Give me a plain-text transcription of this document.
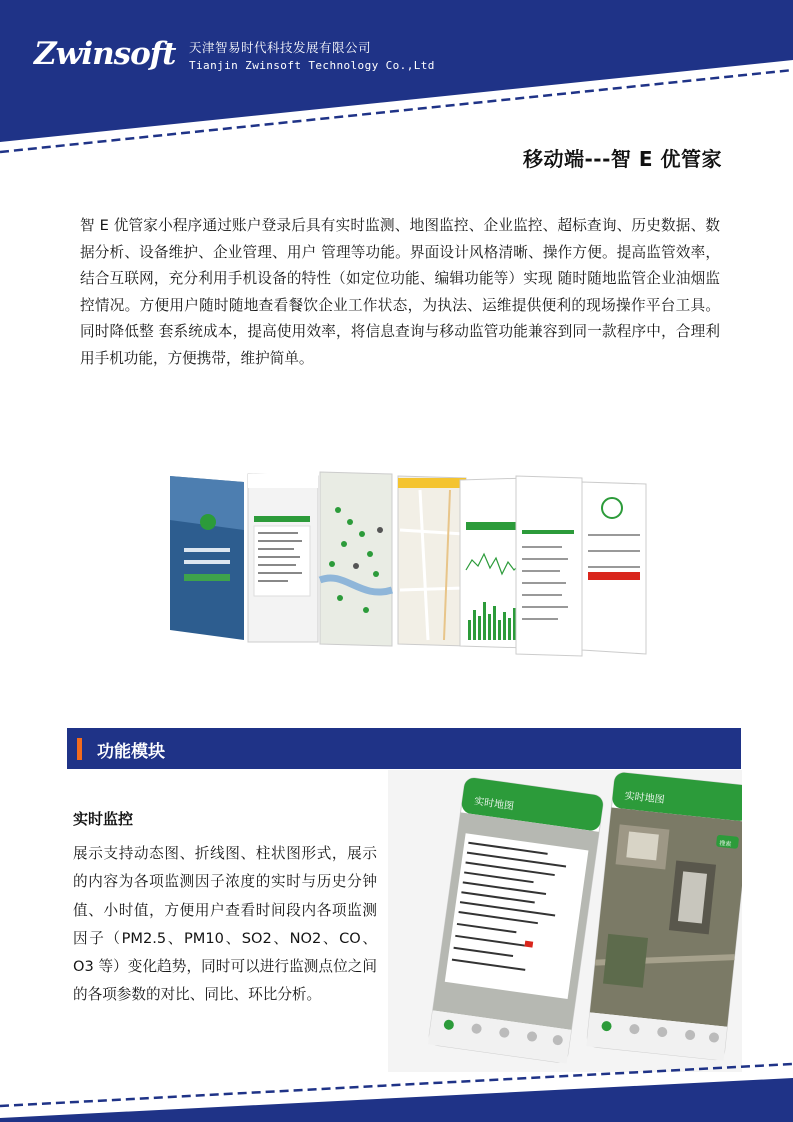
Zwinsoft 天津智易时代科技发展有限公司
Tianjin Zwinsoft Technology Co.,Ltd
移动端---智 E 优管家

智 E 优管家小程序通过账户登录后具有实时监测、地图监控、企业监控、超标查询、历史数据、数据分析、设备维护、企业管理、用户 管理等功能。界面设计风格清晰、操作方便。提高监管效率，结合互联网，充分利用手机设备的特性（如定位功能、编辑功能等）实现 随时随地监管企业油烟监控情况。方便用户随时随地查看餐饮企业工作状态，为执法、运维提供便利的现场操作平台工具。同时降低整 套系统成本，提高使用效率，将信息查询与移动监管功能兼容到同一款程序中，合理利用手机功能，方便携带，维护简单。

功能模块
实时监控

展示支持动态图、折线图、柱状图形式，展示的内容为各项监测因子浓度的实时与历史分钟值、小时值，方便用户查看时间段内各项监测因子（PM2.5、PM10、SO2、NO2、CO、O3 等）变化趋势，同时可以进行监测点位之间的各项参数的对比、同比、环比分析。

实时地图	实时地图
搜索
